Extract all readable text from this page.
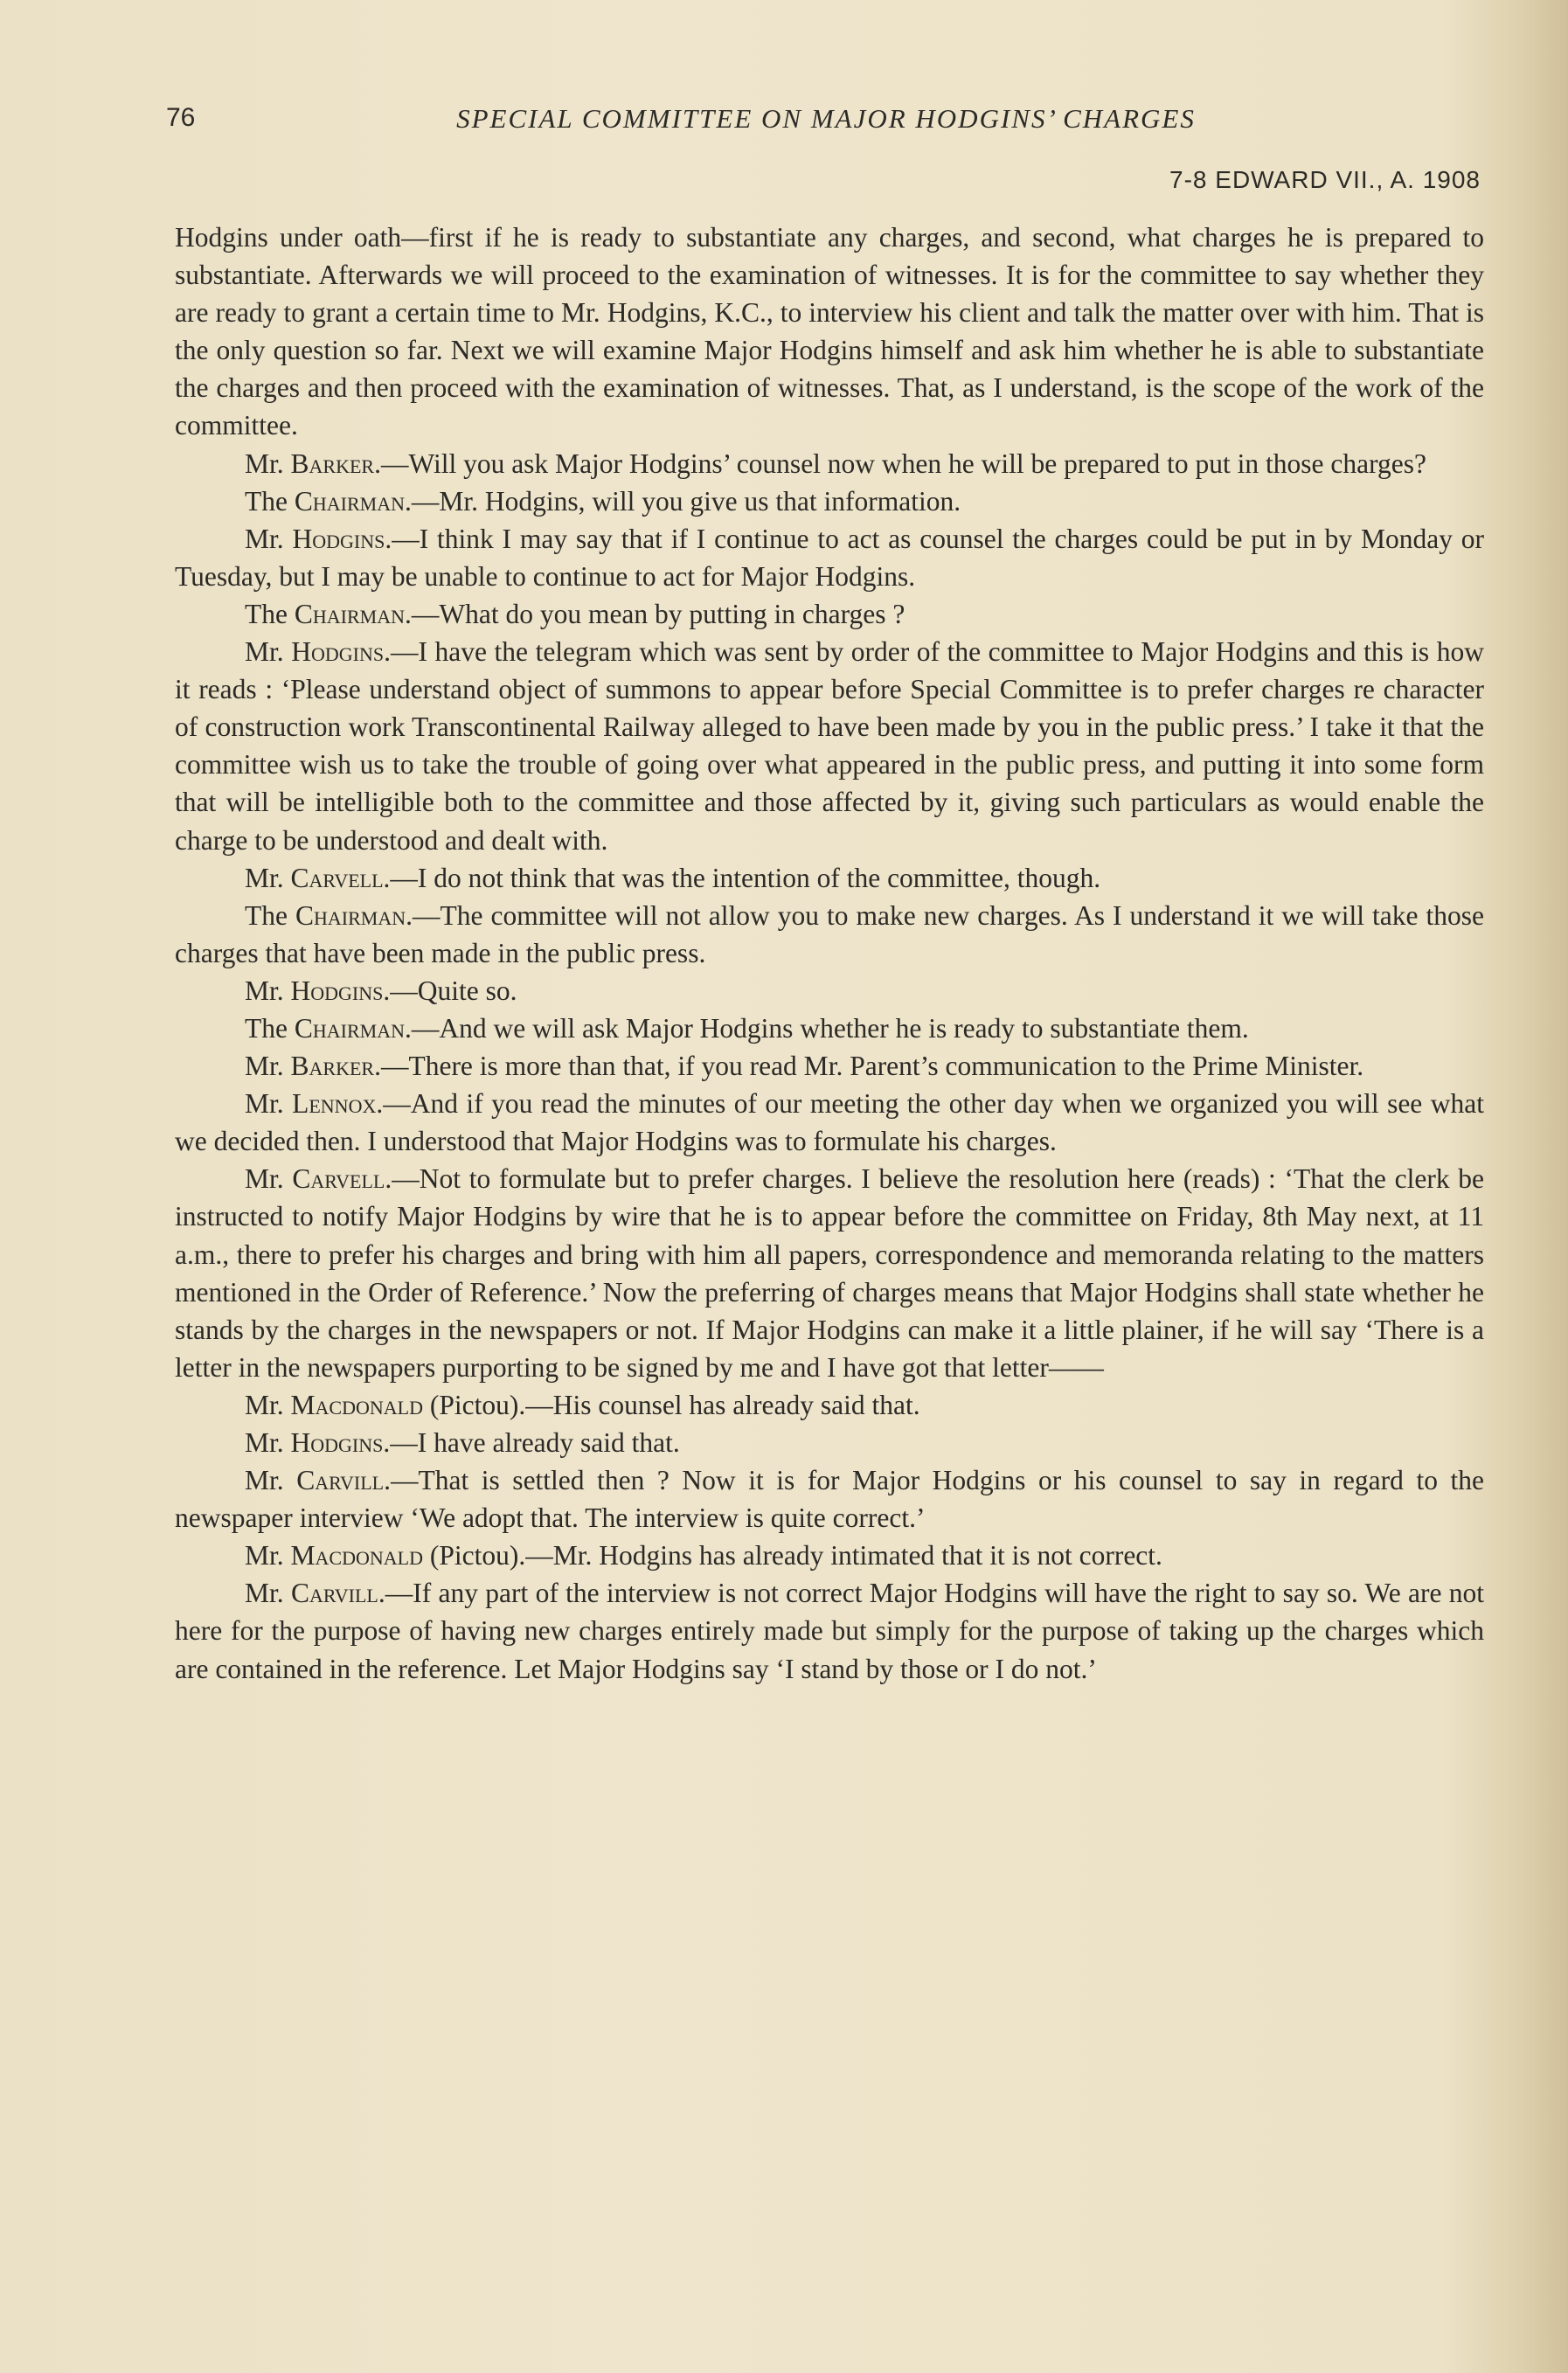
76	SPECIAL COMMITTEE ON MAJOR HODGINS’ CHARGES
7-8 EDWARD VII., A. 1908

Hodgins under oath—first if he is ready to substantiate any charges, and second, what charges he is prepared to substantiate. Afterwards we will proceed to the examination of witnesses. It is for the committee to say whether they are ready to grant a certain time to Mr. Hodgins, K.C., to interview his client and talk the matter over with him. That is the only question so far. Next we will examine Major Hodgins himself and ask him whether he is able to substantiate the charges and then proceed with the examination of witnesses. That, as I understand, is the scope of the work of the committee.

Mr. Barker.—Will you ask Major Hodgins’ counsel now when he will be prepared to put in those charges?

The Chairman.—Mr. Hodgins, will you give us that information.

Mr. Hodgins.—I think I may say that if I continue to act as counsel the charges could be put in by Monday or Tuesday, but I may be unable to continue to act for Major Hodgins.

The Chairman.—What do you mean by putting in charges ?

Mr. Hodgins.—I have the telegram which was sent by order of the committee to Major Hodgins and this is how it reads : ‘Please understand object of summons to appear before Special Committee is to prefer charges re character of construction work Transcontinental Railway alleged to have been made by you in the public press.’ I take it that the committee wish us to take the trouble of going over what appeared in the public press, and putting it into some form that will be intelligible both to the committee and those affected by it, giving such particulars as would enable the charge to be understood and dealt with.

Mr. Carvell.—I do not think that was the intention of the committee, though.

The Chairman.—The committee will not allow you to make new charges. As I understand it we will take those charges that have been made in the public press.

Mr. Hodgins.—Quite so.

The Chairman.—And we will ask Major Hodgins whether he is ready to substantiate them.

Mr. Barker.—There is more than that, if you read Mr. Parent’s communication to the Prime Minister.

Mr. Lennox.—And if you read the minutes of our meeting the other day when we organized you will see what we decided then. I understood that Major Hodgins was to formulate his charges.

Mr. Carvell.—Not to formulate but to prefer charges. I believe the resolution here (reads) : ‘That the clerk be instructed to notify Major Hodgins by wire that he is to appear before the committee on Friday, 8th May next, at 11 a.m., there to prefer his charges and bring with him all papers, correspondence and memoranda relating to the matters mentioned in the Order of Reference.’ Now the preferring of charges means that Major Hodgins shall state whether he stands by the charges in the newspapers or not. If Major Hodgins can make it a little plainer, if he will say ‘There is a letter in the newspapers purporting to be signed by me and I have got that letter——

Mr. Macdonald (Pictou).—His counsel has already said that.

Mr. Hodgins.—I have already said that.

Mr. Carvill.—That is settled then ? Now it is for Major Hodgins or his counsel to say in regard to the newspaper interview ‘We adopt that. The interview is quite correct.’

Mr. Macdonald (Pictou).—Mr. Hodgins has already intimated that it is not correct.

Mr. Carvill.—If any part of the interview is not correct Major Hodgins will have the right to say so. We are not here for the purpose of having new charges entirely made but simply for the purpose of taking up the charges which are contained in the reference. Let Major Hodgins say ‘I stand by those or I do not.’
